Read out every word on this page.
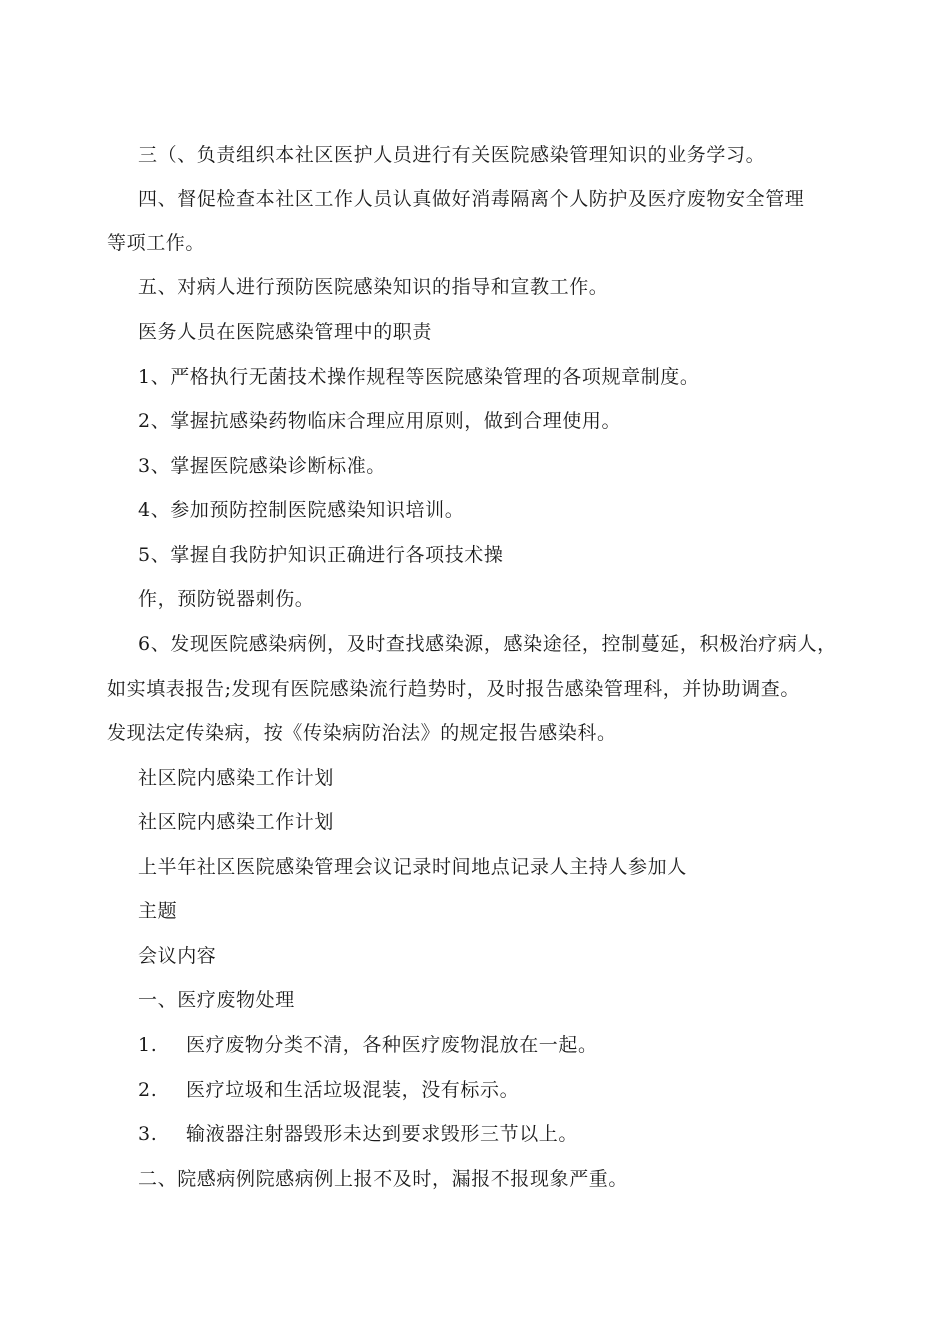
三（、负责组织本社区医护人员进行有关医院感染管理知识的业务学习。
四、督促检查本社区工作人员认真做好消毒隔离个人防护及医疗废物安全管理
等项工作。
五、对病人进行预防医院感染知识的指导和宣教工作。
医务人员在医院感染管理中的职责
1、严格执行无菌技术操作规程等医院感染管理的各项规章制度。
2、掌握抗感染药物临床合理应用原则，做到合理使用。
3、掌握医院感染诊断标准。
4、参加预防控制医院感染知识培训。
5、掌握自我防护知识正确进行各项技术操
作，预防锐器刺伤。
6、发现医院感染病例，及时查找感染源，感染途径，控制蔓延，积极治疗病人，
如实填表报告;发现有医院感染流行趋势时，及时报告感染管理科，并协助调查。
发现法定传染病，按《传染病防治法》的规定报告感染科。
社区院内感染工作计划
社区院内感染工作计划
上半年社区医院感染管理会议记录时间地点记录人主持人参加人
主题
会议内容
一、医疗废物处理
1. 医疗废物分类不清，各种医疗废物混放在一起。
2. 医疗垃圾和生活垃圾混装，没有标示。
3. 输液器注射器毁形未达到要求毁形三节以上。
二、院感病例院感病例上报不及时，漏报不报现象严重。
